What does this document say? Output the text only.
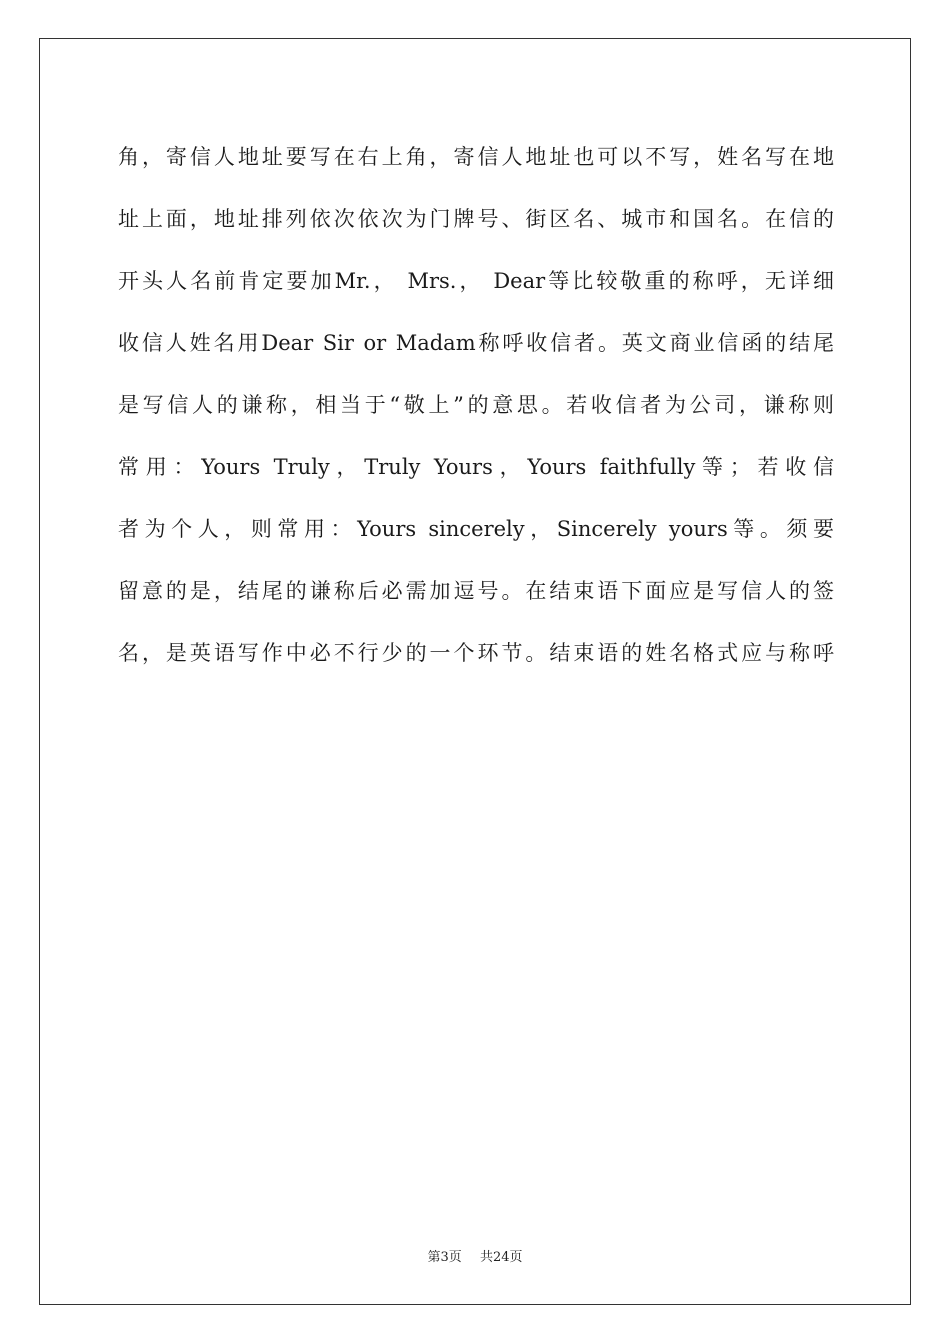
角，寄信人地址要写在右上角，寄信人地址也可以不写，姓名写在地
址上面，地址排列依次依次为门牌号、街区名、城市和国名。在信的
开头人名前肯定要加Mr.， Mrs.， Dear等比较敬重的称呼，无详细
收信人姓名用Dear Sir or Madam称呼收信者。英文商业信函的结尾
是写信人的谦称，相当于“敬上”的意思。若收信者为公司，谦称则
常用：Yours Truly，Truly Yours，Yours faithfully等；若收信
者为个人，则常用：Yours sincerely，Sincerely yours等。须要
留意的是，结尾的谦称后必需加逗号。在结束语下面应是写信人的签
名，是英语写作中必不行少的一个环节。结束语的姓名格式应与称呼
第3页 共24页
